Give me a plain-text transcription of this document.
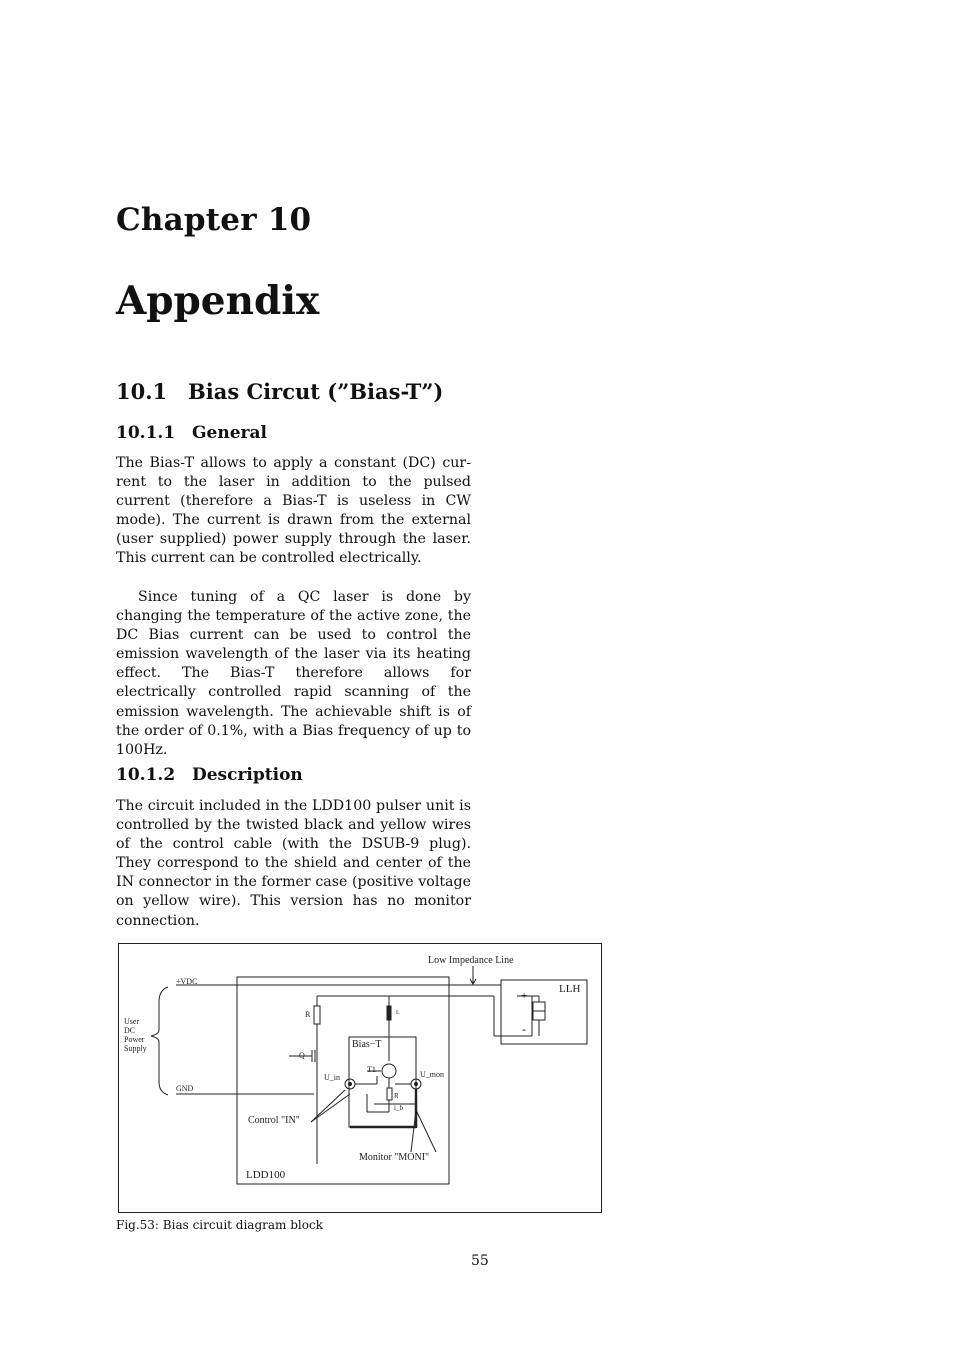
Chapter 10
Appendix
10.1 Bias Circut (”Bias-T”)
10.1.1 General
The Bias-T allows to apply a constant (DC) current to the laser in addition to the pulsed current (therefore a Bias-T is useless in CW mode). The current is drawn from the external (user supplied) power supply through the laser. This current can be controlled electrically.
Since tuning of a QC laser is done by changing the temperature of the active zone, the DC Bias current can be used to control the emission wavelength of the laser via its heating effect. The Bias-T therefore allows for electrically controlled rapid scanning of the emission wavelength. The achievable shift is of the order of 0.1%, with a Bias frequency of up to 100Hz.
10.1.2 Description
The circuit included in the LDD100 pulser unit is controlled by the twisted black and yellow wires of the control cable (with the DSUB-9 plug). They correspond to the shield and center of the IN connector in the former case (positive voltage on yellow wire). This version has no monitor connection.
Low Impedance Line
+VDC
GND
User
DC
Power
Supply
LLH
+
-
R	L
Q
Bias−T
T1
U_in	U_mon
R
i_b
Control "IN"
Monitor "MONI"
LDD100
Fig.53: Bias circuit diagram block
55
